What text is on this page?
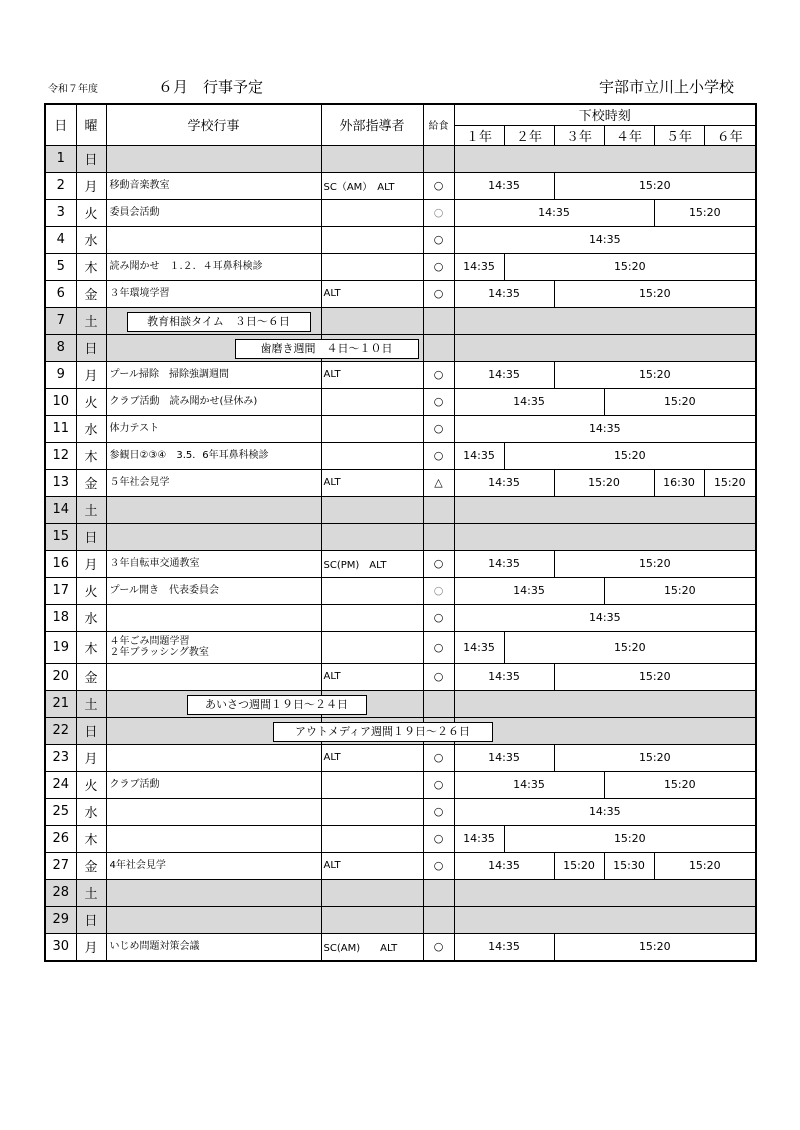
令和７年度	６月　行事予定	宇部市立川上小学校
日	曜	学校行事	外部指導者	給食	下校時刻					
					１年	２年	３年	４年	５年	６年
1	日									
2	月	移動音楽教室	SC（AM）　ALT	○	14:35		15:20			
3	火	委員会活動		○	14:35				15:20	
4	水			○	14:35					
5	木	読み聞かせ　１.２．４耳鼻科検診		○	14:35	15:20				
6	金	３年環境学習	ALT	○	14:35		15:20			
7	土	教育相談タイム　３日～６日								

8	日	歯磨き週間　４日～１０日								

9	月	プール掃除　掃除強調週間	ALT	○	14:35		15:20			
10	火	クラブ活動　読み聞かせ(昼休み)		○	14:35			15:20		
11	水	体力テスト		○	14:35					
12	木	参観日②③④　3.5．6年耳鼻科検診		○	14:35	15:20				
13	金	５年社会見学	ALT	△	14:35		15:20		16:30	15:20
14	土									
15	日									
16	月	３年自転車交通教室	SC(PM)　ALT	○	14:35		15:20			
17	火	プール開き　代表委員会		○	14:35			15:20		
18	水			○	14:35					
19	木	４年ごみ問題学習
２年ブラッシング教室		○	14:35	15:20				
20	金		ALT	○	14:35		15:20			
21	土	あいさつ週間１９日～２４日								

22	日	アウトメディア週間１９日～２６日								

23	月		ALT	○	14:35		15:20			
24	火	クラブ活動		○	14:35			15:20		
25	水			○	14:35					
26	木			○	14:35	15:20				
27	金	4年社会見学	ALT	○	14:35		15:20	15:30	15:20	
28	土									
29	日									
30	月	いじめ問題対策会議	SC(AM)　　ALT	○	14:35		15:20			
